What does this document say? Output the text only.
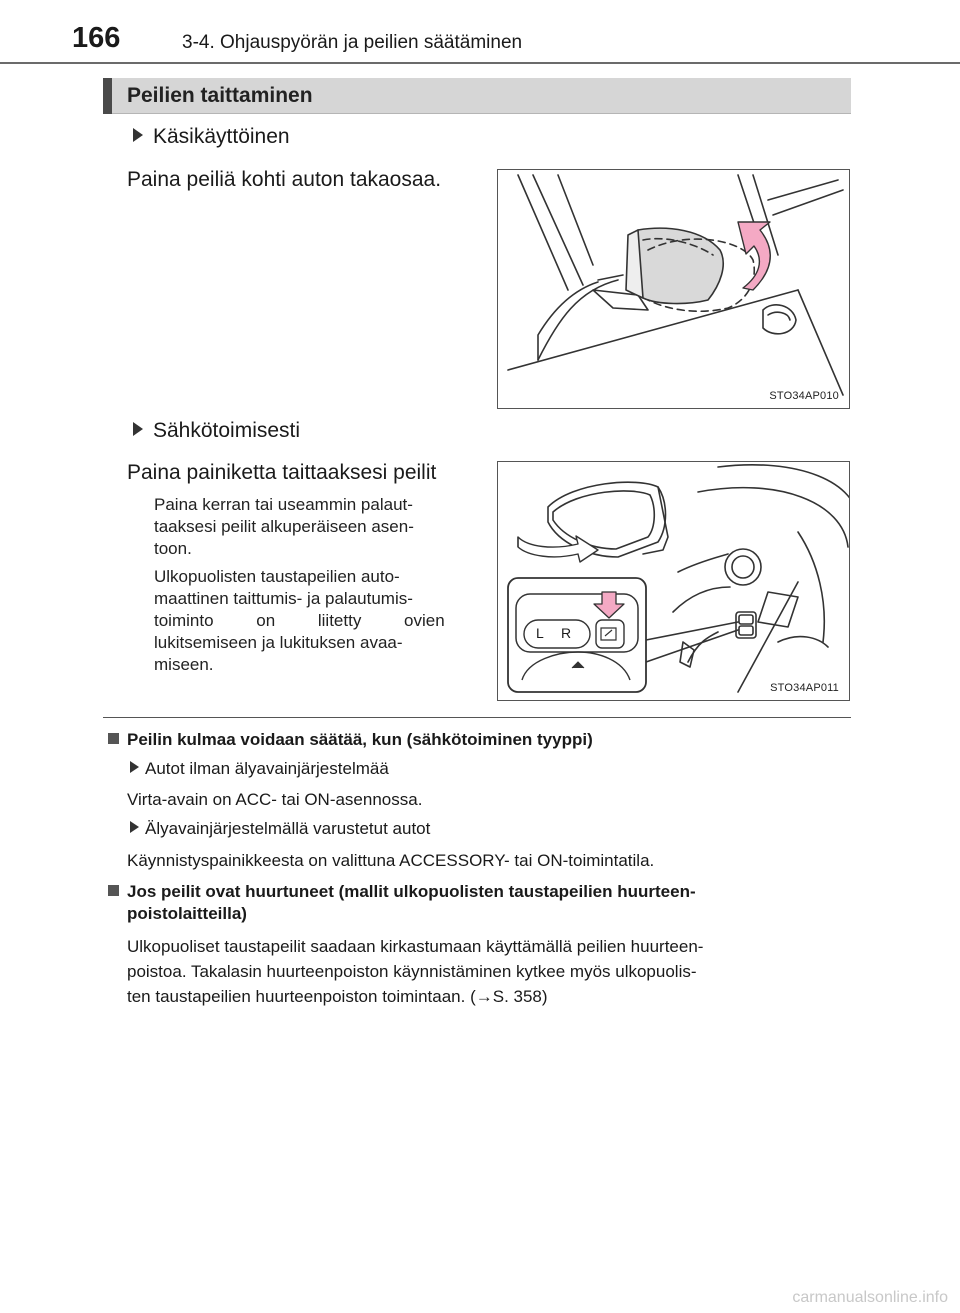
166	3-4. Ohjauspyörän ja peilien säätäminen
Peilien taittaminen
Käsikäyttöinen
Paina peiliä kohti auton takaosaa.
STO34AP010
Sähkötoimisesti
Paina painiketta taittaaksesi peilit
Paina kerran tai useammin palaut-
taaksesi peilit alkuperäiseen asen-
toon.
Ulkopuolisten taustapeilien auto-
maattinen taittumis- ja palautumis-
toiminto on liitetty ovien
lukitsemiseen ja lukituksen avaa-
miseen.
L R
STO34AP011
Peilin kulmaa voidaan säätää, kun (sähkötoiminen tyyppi)
Autot ilman älyavainjärjestelmää
Virta-avain on ACC- tai ON-asennossa.
Älyavainjärjestelmällä varustetut autot
Käynnistyspainikkeesta on valittuna ACCESSORY- tai ON-toimintatila.
Jos peilit ovat huurtuneet (mallit ulkopuolisten taustapeilien huurteen-
poistolaitteilla)
Ulkopuoliset taustapeilit saadaan kirkastumaan käyttämällä peilien huurteen-
poistoa. Takalasin huurteenpoiston käynnistäminen kytkee myös ulkopuolis-
ten taustapeilien huurteenpoiston toimintaan. (→S. 358)
carmanualsonline.info
